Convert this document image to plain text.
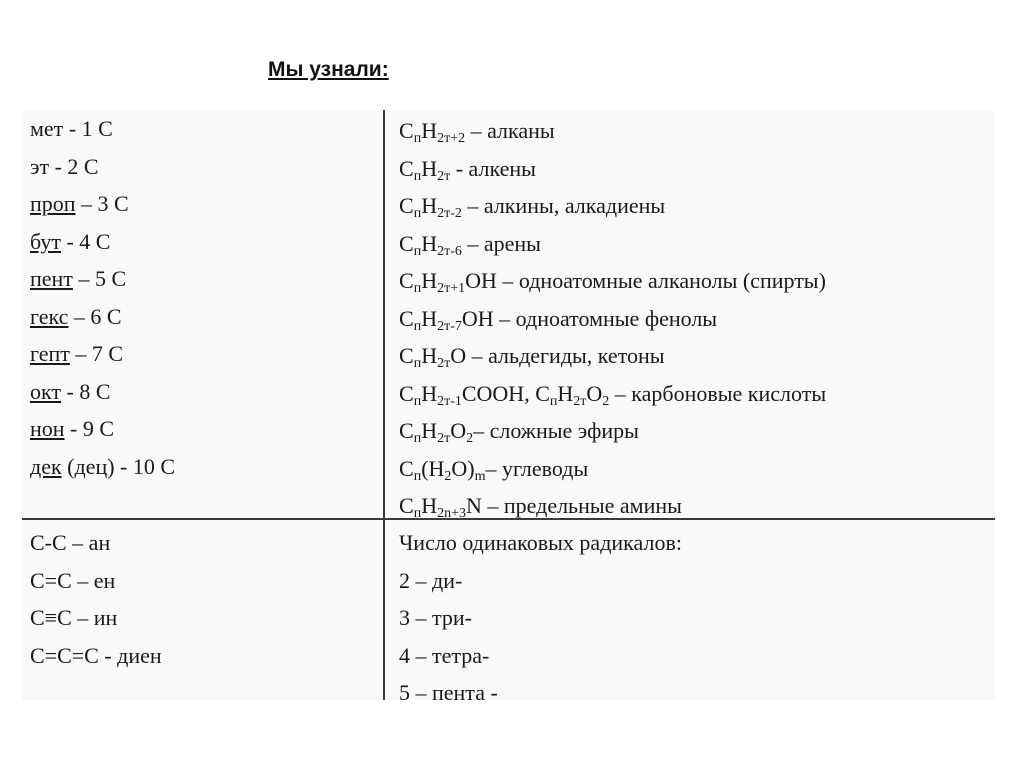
Мы узнали:
мет - 1 С
эт - 2 С
проп – 3 С
бут - 4 С
пент – 5 С
гекс – 6 С
гепт – 7 С
окт - 8 С
нон - 9 С
дек (дец) - 10 С
$C_пH_{2т+2}$ – алканы
$C_пH_{2т}$ - алкены
$C_пH_{2т-2}$ – алкины, алкадиены
$C_пH_{2т-6}$ – арены
$C_пH_{2т+1}OH$ – одноатомные алканолы (спирты)
$C_пH_{2т-7}OH$ – одноатомные фенолы
$C_пH_{2т}O$ – альдегиды, кетоны
$C_пH_{2т-1}COOH$, $C_пH_{2т}O_2$ – карбоновые кислоты
$C_пH_{2т}O_2-$ сложные эфиры
$C_п(H_2O)_m-$ углеводы
$C_пH_{2n+3}N$ – предельные амины
С-С – ан
С=С – ен
С≡С – ин
С=С=С - диен
Число одинаковых радикалов:
2 – ди-
3 – три-
4 – тетра-
5 – пента -
